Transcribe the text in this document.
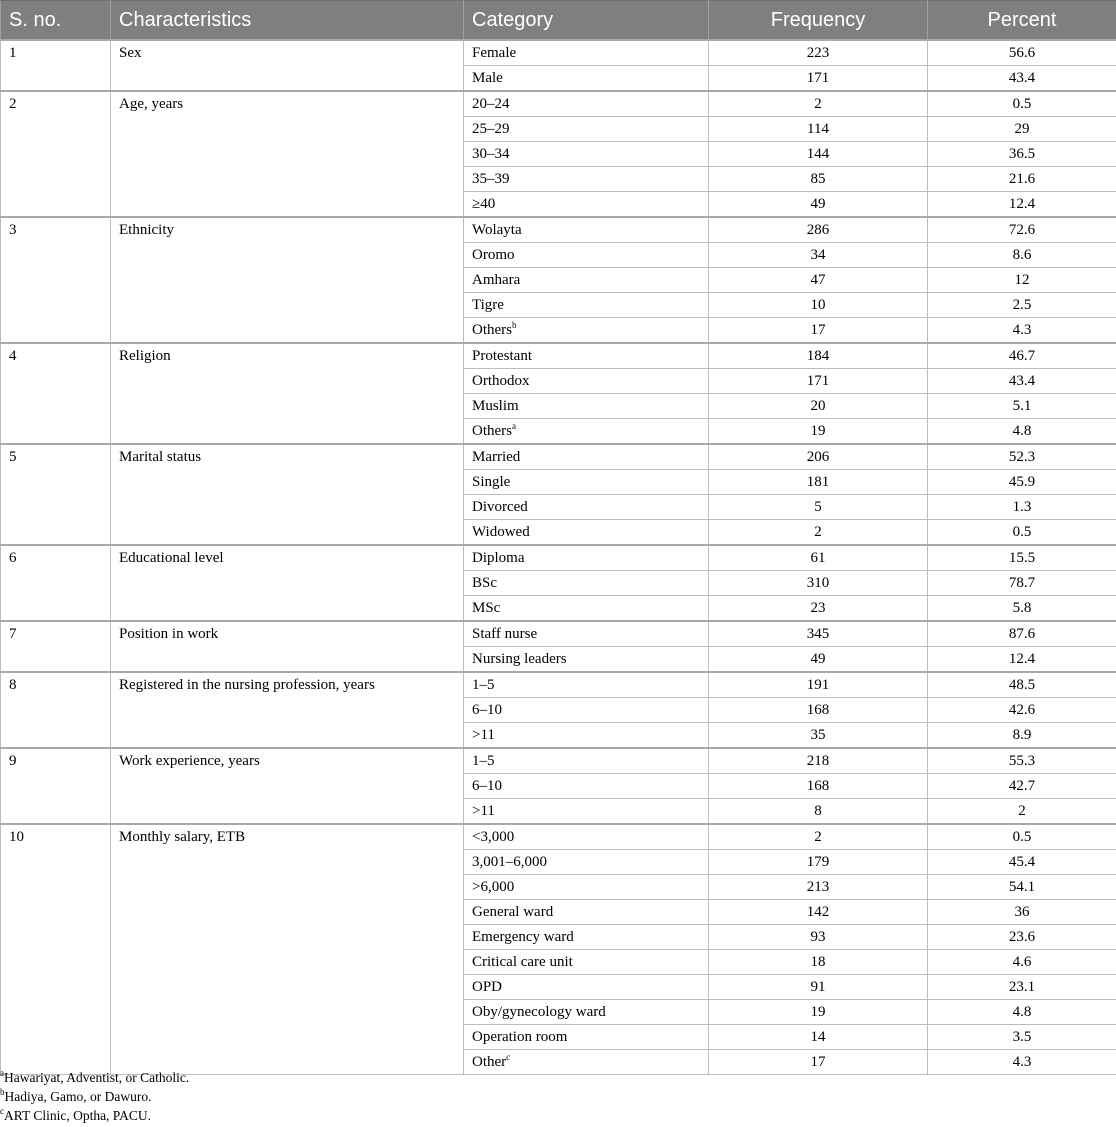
S. no.	Characteristics	Category	Frequency	Percent
1	Sex	Female	223	56.6
		Male	171	43.4
2	Age, years	20–24	2	0.5
		25–29	114	29
		30–34	144	36.5
		35–39	85	21.6
		≥40	49	12.4
3	Ethnicity	Wolayta	286	72.6
		Oromo	34	8.6
		Amhara	47	12
		Tigre	10	2.5
		Others$^b$	17	4.3
4	Religion	Protestant	184	46.7
		Orthodox	171	43.4
		Muslim	20	5.1
		Others$^a$	19	4.8
5	Marital status	Married	206	52.3
		Single	181	45.9
		Divorced	5	1.3
		Widowed	2	0.5
6	Educational level	Diploma	61	15.5
		BSc	310	78.7
		MSc	23	5.8
7	Position in work	Staff nurse	345	87.6
		Nursing leaders	49	12.4
8	Registered in the nursing profession, years	1–5	191	48.5
		6–10	168	42.6
		>11	35	8.9
9	Work experience, years	1–5	218	55.3
		6–10	168	42.7
		>11	8	2
10	Monthly salary, ETB	<3,000	2	0.5
		3,001–6,000	179	45.4
		>6,000	213	54.1
		General ward	142	36
		Emergency ward	93	23.6
		Critical care unit	18	4.6
		OPD	91	23.1
		Oby/gynecology ward	19	4.8
		Operation room	14	3.5
		Other$^c$	17	4.3
$^a$Hawariyat, Adventist, or Catholic.
$^b$Hadiya, Gamo, or Dawuro.
$^c$ART Clinic, Optha, PACU.
